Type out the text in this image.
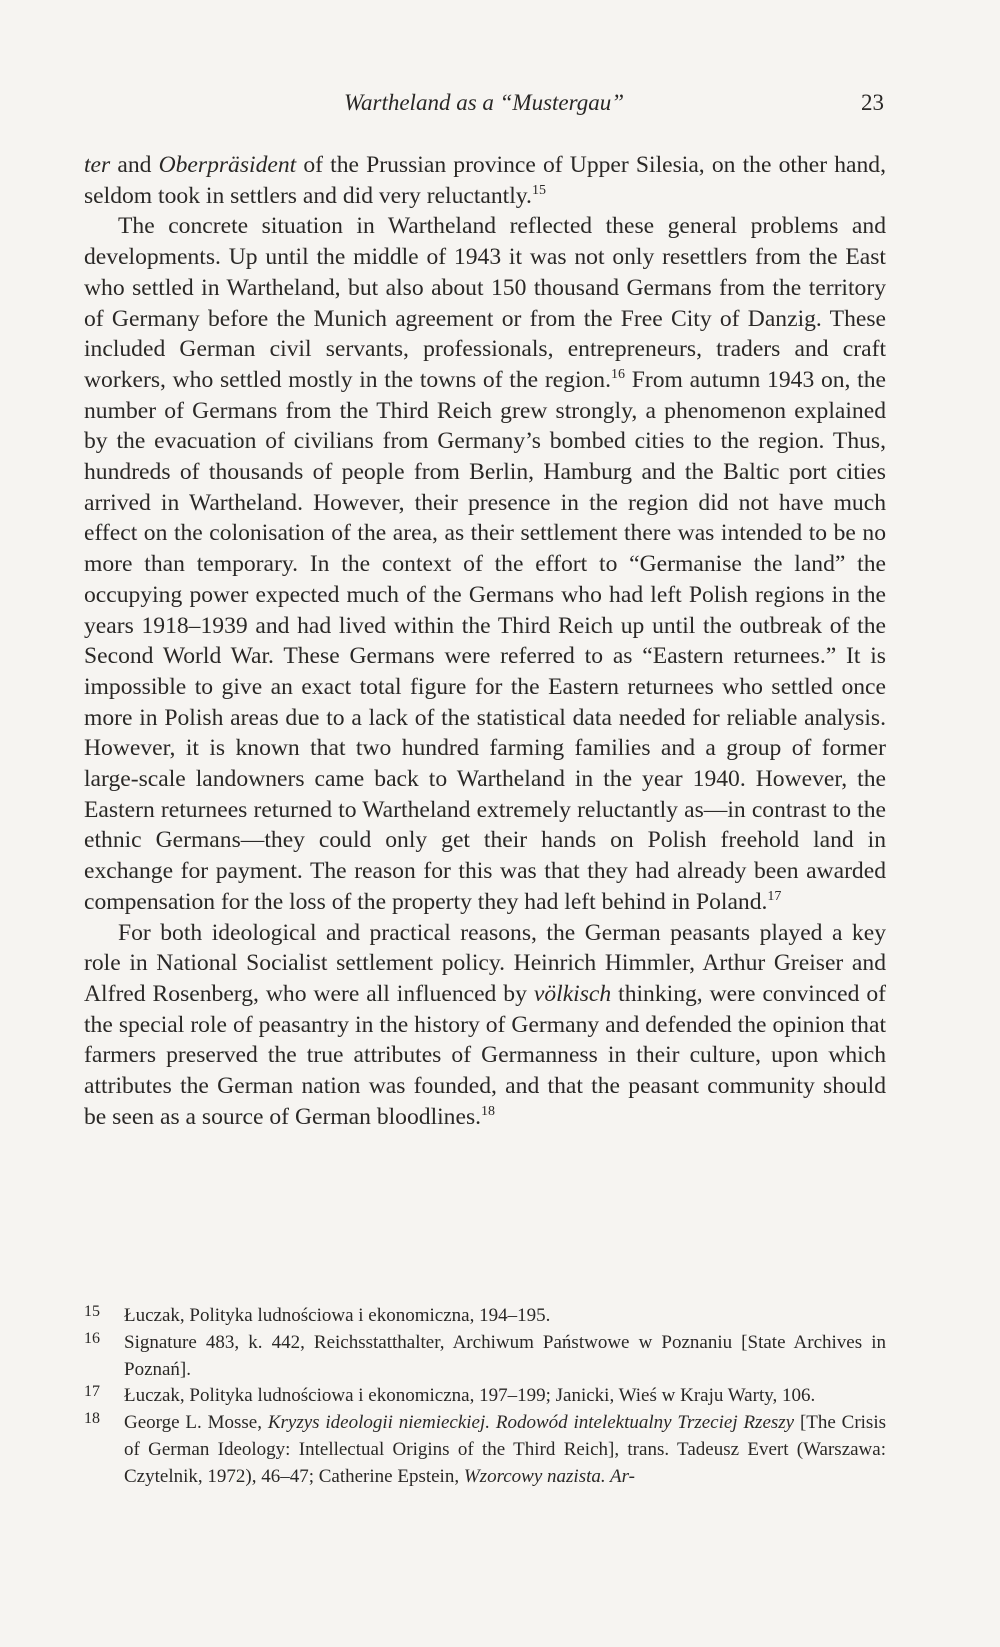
Wartheland as a “Mustergau”	23

ter and Oberpräsident of the Prussian province of Upper Silesia, on the other hand, seldom took in settlers and did very reluctantly.$^{15}$

The concrete situation in Wartheland reflected these general problems and developments. Up until the middle of 1943 it was not only resettlers from the East who settled in Wartheland, but also about 150 thousand Germans from the territory of Germany before the Munich agreement or from the Free City of Danzig. These included German civil servants, professionals, entrepreneurs, traders and craft workers, who settled mostly in the towns of the region.$^{16}$ From autumn 1943 on, the number of Germans from the Third Reich grew strongly, a phenomenon explained by the evacuation of civilians from Germany’s bombed cities to the region. Thus, hundreds of thousands of people from Berlin, Hamburg and the Baltic port cities arrived in Wartheland. However, their presence in the region did not have much effect on the colonisation of the area, as their settlement there was intended to be no more than temporary. In the context of the effort to “Germanise the land” the occupying power expected much of the Germans who had left Polish regions in the years 1918–1939 and had lived within the Third Reich up until the outbreak of the Second World War. These Germans were referred to as “Eastern returnees.” It is impossible to give an exact total figure for the Eastern returnees who settled once more in Polish areas due to a lack of the statistical data needed for reliable analysis. However, it is known that two hundred farming families and a group of former large-scale landowners came back to Wartheland in the year 1940. However, the Eastern returnees returned to Wartheland extremely reluctantly as—in contrast to the ethnic Germans—they could only get their hands on Polish freehold land in exchange for payment. The reason for this was that they had already been awarded compensation for the loss of the property they had left behind in Poland.$^{17}$

For both ideological and practical reasons, the German peasants played a key role in National Socialist settlement policy. Heinrich Himmler, Arthur Greiser and Alfred Rosenberg, who were all influenced by völkisch thinking, were convinced of the special role of peasantry in the history of Germany and defended the opinion that farmers preserved the true attributes of Germanness in their culture, upon which attributes the German nation was founded, and that the peasant community should be seen as a source of German bloodlines.$^{18}$

15 Łuczak, Polityka ludnościowa i ekonomiczna, 194–195.
16 Signature 483, k. 442, Reichsstatthalter, Archiwum Państwowe w Poznaniu [State Archives in Poznań].
17 Łuczak, Polityka ludnościowa i ekonomiczna, 197–199; Janicki, Wieś w Kraju Warty, 106.
18 George L. Mosse, Kryzys ideologii niemieckiej. Rodowód intelektualny Trzeciej Rzeszy [The Crisis of German Ideology: Intellectual Origins of the Third Reich], trans. Tadeusz Evert (Warszawa: Czytelnik, 1972), 46–47; Catherine Epstein, Wzorcowy nazista. Ar-
